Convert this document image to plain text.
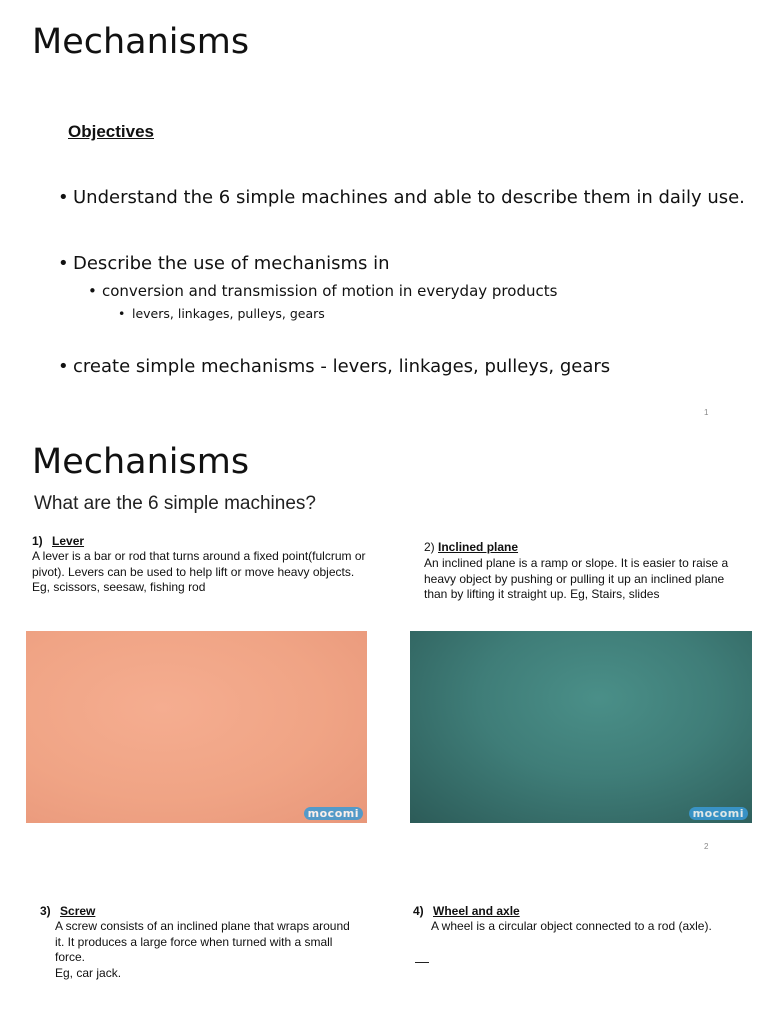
Mechanisms
Objectives
• Understand the 6 simple machines and able to describe them in daily use.
• Describe the use of mechanisms in
• conversion and transmission of motion in everyday products
• levers, linkages, pulleys, gears
• create simple mechanisms - levers, linkages, pulleys, gears
1
Mechanisms
What are the 6 simple machines?
1) Lever
A lever is a bar or rod that turns around a fixed point(fulcrum or pivot). Levers can be used to help lift or move heavy objects. Eg, scissors, seesaw, fishing rod
2) Inclined plane
An inclined plane is a ramp or slope. It is easier to raise a heavy object by pushing or pulling it up an inclined plane than by lifting it straight up. Eg, Stairs, slides
mocomi	mocomi
2
3) Screw
A screw consists of an inclined plane that wraps around it. It produces a large force when turned with a small force.
Eg, car jack.
4) Wheel and axle
A wheel is a circular object connected to a rod (axle).
